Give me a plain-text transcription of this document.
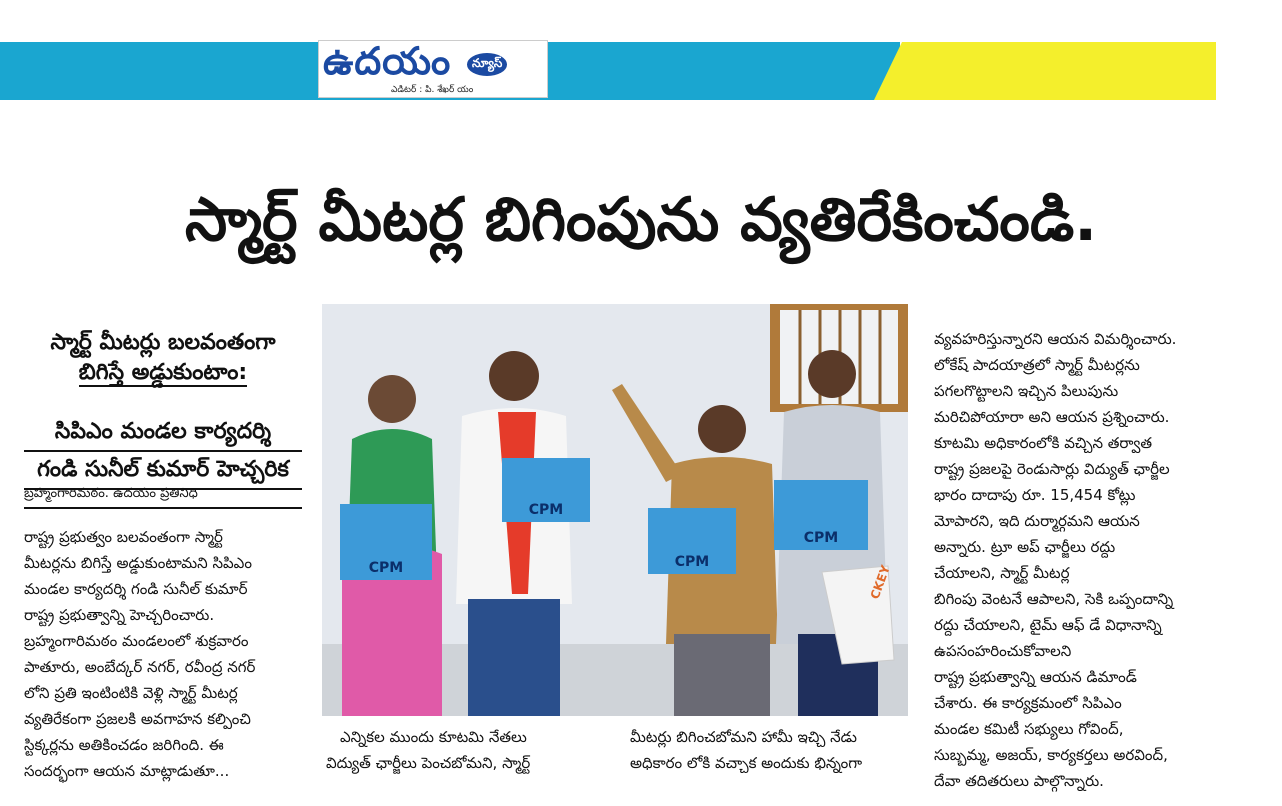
ఉదయం	న్యూస్
ఎడిటర్ : పి. శేఖర్ యం
స్మార్ట్ మీటర్ల బిగింపును వ్యతిరేకించండి.
స్మార్ట్ మీటర్లు బలవంతంగా
బిగిస్తే అడ్డుకుంటాం:
సిపిఎం మండల కార్యదర్శి
గండి సునీల్ కుమార్ హెచ్చరిక
బ్రహ్మంగారిమఠం. ఉదయం ప్రతినిధి
రాష్ట్ర ప్రభుత్వం బలవంతంగా స్మార్ట్
మీటర్లను బిగిస్తే అడ్డుకుంటామని సిపిఎం
మండల కార్యదర్శి గండి సునీల్ కుమార్
రాష్ట్ర ప్రభుత్వాన్ని హెచ్చరించారు.
బ్రహ్మంగారిమఠం మండలంలో శుక్రవారం
పాతూరు, అంబేద్కర్ నగర్, రవీంద్ర నగర్
లోని ప్రతి ఇంటింటికి వెళ్లి స్మార్ట్ మీటర్ల
వ్యతిరేకంగా ప్రజలకి అవగాహన కల్పించి
స్టిక్కర్లను అతికించడం జరిగింది. ఈ
సందర్భంగా ఆయన మాట్లాడుతూ...
CPM
CPM
CPM
CPM
CKEY
ఎన్నికల ముందు కూటమి నేతలు
విద్యుత్ ఛార్జీలు పెంచబోమని, స్మార్ట్
మీటర్లు బిగించబోమని హామీ ఇచ్చి నేడు
అధికారం లోకి వచ్చాక అందుకు భిన్నంగా
వ్యవహరిస్తున్నారని ఆయన విమర్శించారు.
లోకేష్ పాదయాత్రలో స్మార్ట్ మీటర్లను
పగలగొట్టాలని ఇచ్చిన పిలుపును
మరిచిపోయారా అని ఆయన ప్రశ్నించారు.
కూటమి అధికారంలోకి వచ్చిన తర్వాత
రాష్ట్ర ప్రజలపై రెండుసార్లు విద్యుత్ ఛార్జీల
భారం దాదాపు రూ. 15,454 కోట్లు
మోపారని, ఇది దుర్మార్గమని ఆయన
అన్నారు. ట్రూ అప్ ఛార్జీలు రద్దు
చేయాలని, స్మార్ట్ మీటర్ల
బిగింపు వెంటనే ఆపాలని, సెకి ఒప్పందాన్ని
రద్దు చేయాలని, టైమ్ ఆఫ్ డే విధానాన్ని
ఉపసంహరించుకోవాలని
రాష్ట్ర ప్రభుత్వాన్ని ఆయన డిమాండ్
చేశారు. ఈ కార్యక్రమంలో సిపిఎం
మండల కమిటీ సభ్యులు గోవింద్,
సుబ్బమ్మ, అజయ్, కార్యకర్తలు అరవింద్,
దేవా తదితరులు పాల్గొన్నారు.
